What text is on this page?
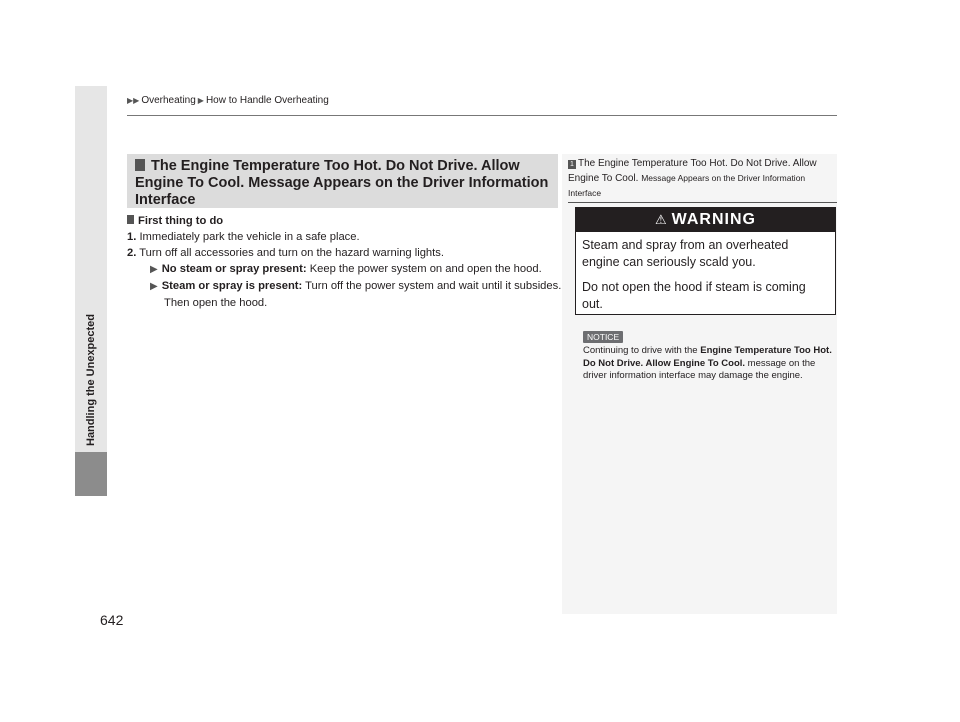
▶▶ Overheating ▶ How to Handle Overheating
Handling the Unexpected
642
The Engine Temperature Too Hot. Do Not Drive. Allow Engine To Cool. Message Appears on the Driver Information Interface
First thing to do
1. Immediately park the vehicle in a safe place.
2. Turn off all accessories and turn on the hazard warning lights.
▶ No steam or spray present: Keep the power system on and open the hood.
▶ Steam or spray is present: Turn off the power system and wait until it subsides. Then open the hood.
1 The Engine Temperature Too Hot. Do Not Drive. Allow Engine To Cool. Message Appears on the Driver Information Interface
⚠ WARNING

Steam and spray from an overheated engine can seriously scald you.

Do not open the hood if steam is coming out.

NOTICE
Continuing to drive with the Engine Temperature Too Hot. Do Not Drive. Allow Engine To Cool. message on the driver information interface may damage the engine.
